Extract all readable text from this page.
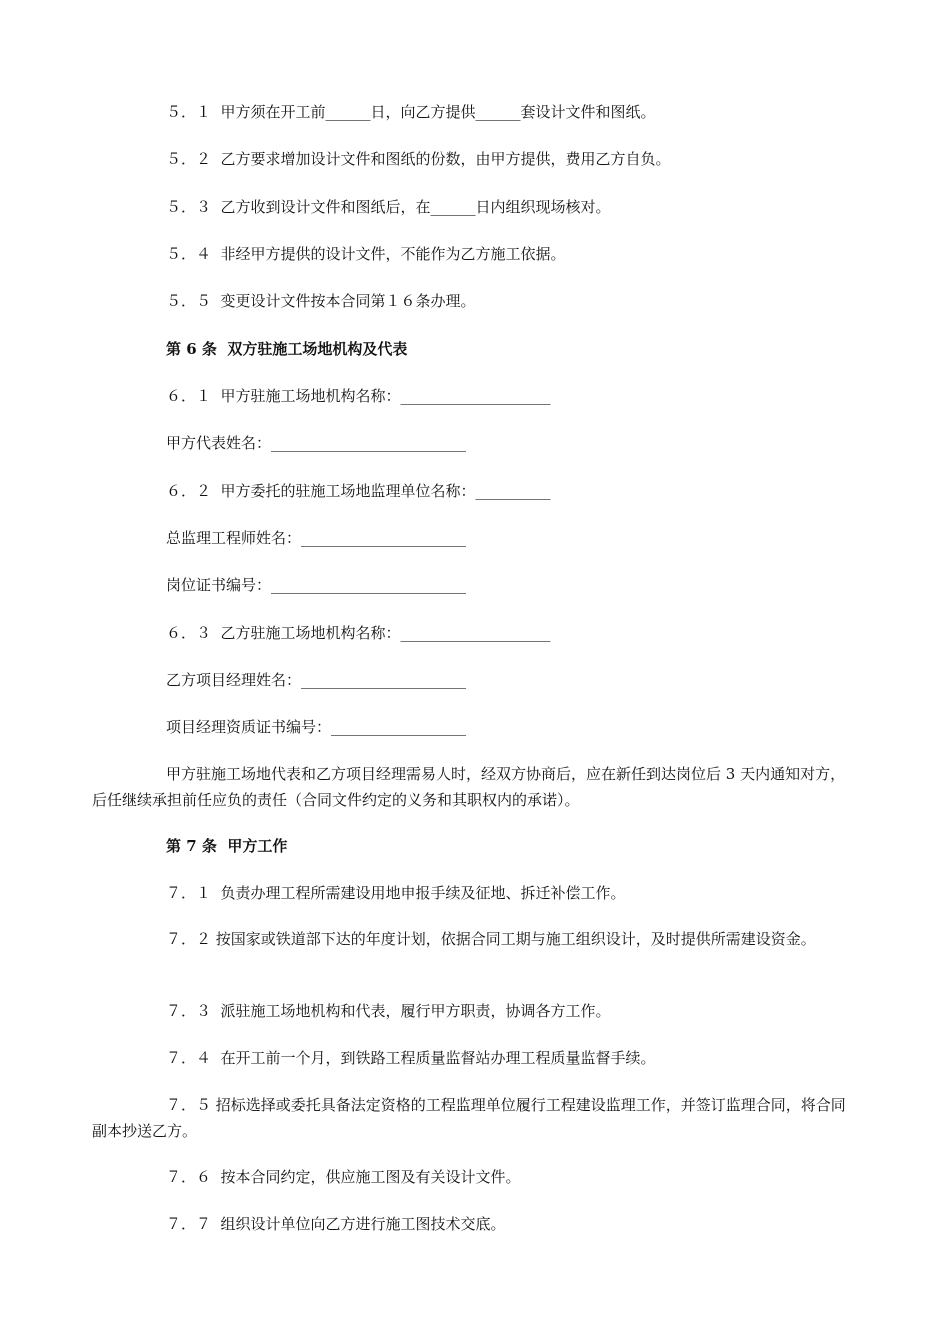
５．１  甲方须在开工前______日，向乙方提供______套设计文件和图纸。
５．２  乙方要求增加设计文件和图纸的份数，由甲方提供，费用乙方自负。
５．３  乙方收到设计文件和图纸后，在______日内组织现场核对。
５．４  非经甲方提供的设计文件，不能作为乙方施工依据。
５．５  变更设计文件按本合同第１６条办理。
第 6 条  双方驻施工场地机构及代表
６．１  甲方驻施工场地机构名称：____________________
甲方代表姓名：__________________________
６．２  甲方委托的驻施工场地监理单位名称：__________
总监理工程师姓名：______________________
岗位证书编号：__________________________
６．３  乙方驻施工场地机构名称：____________________
乙方项目经理姓名：______________________
项目经理资质证书编号：__________________
甲方驻施工场地代表和乙方项目经理需易人时，经双方协商后，应在新任到达岗位后 3 天内通知对方，后任继续承担前任应负的责任（合同文件约定的义务和其职权内的承诺）。
第 7 条  甲方工作
７．１  负责办理工程所需建设用地申报手续及征地、拆迁补偿工作。
７．２ 按国家或铁道部下达的年度计划，依据合同工期与施工组织设计，及时提供所需建设资金。
７．３  派驻施工场地机构和代表，履行甲方职责，协调各方工作。
７．４  在开工前一个月，到铁路工程质量监督站办理工程质量监督手续。
７．５ 招标选择或委托具备法定资格的工程监理单位履行工程建设监理工作，并签订监理合同，将合同副本抄送乙方。
７．６  按本合同约定，供应施工图及有关设计文件。
７．７  组织设计单位向乙方进行施工图技术交底。
